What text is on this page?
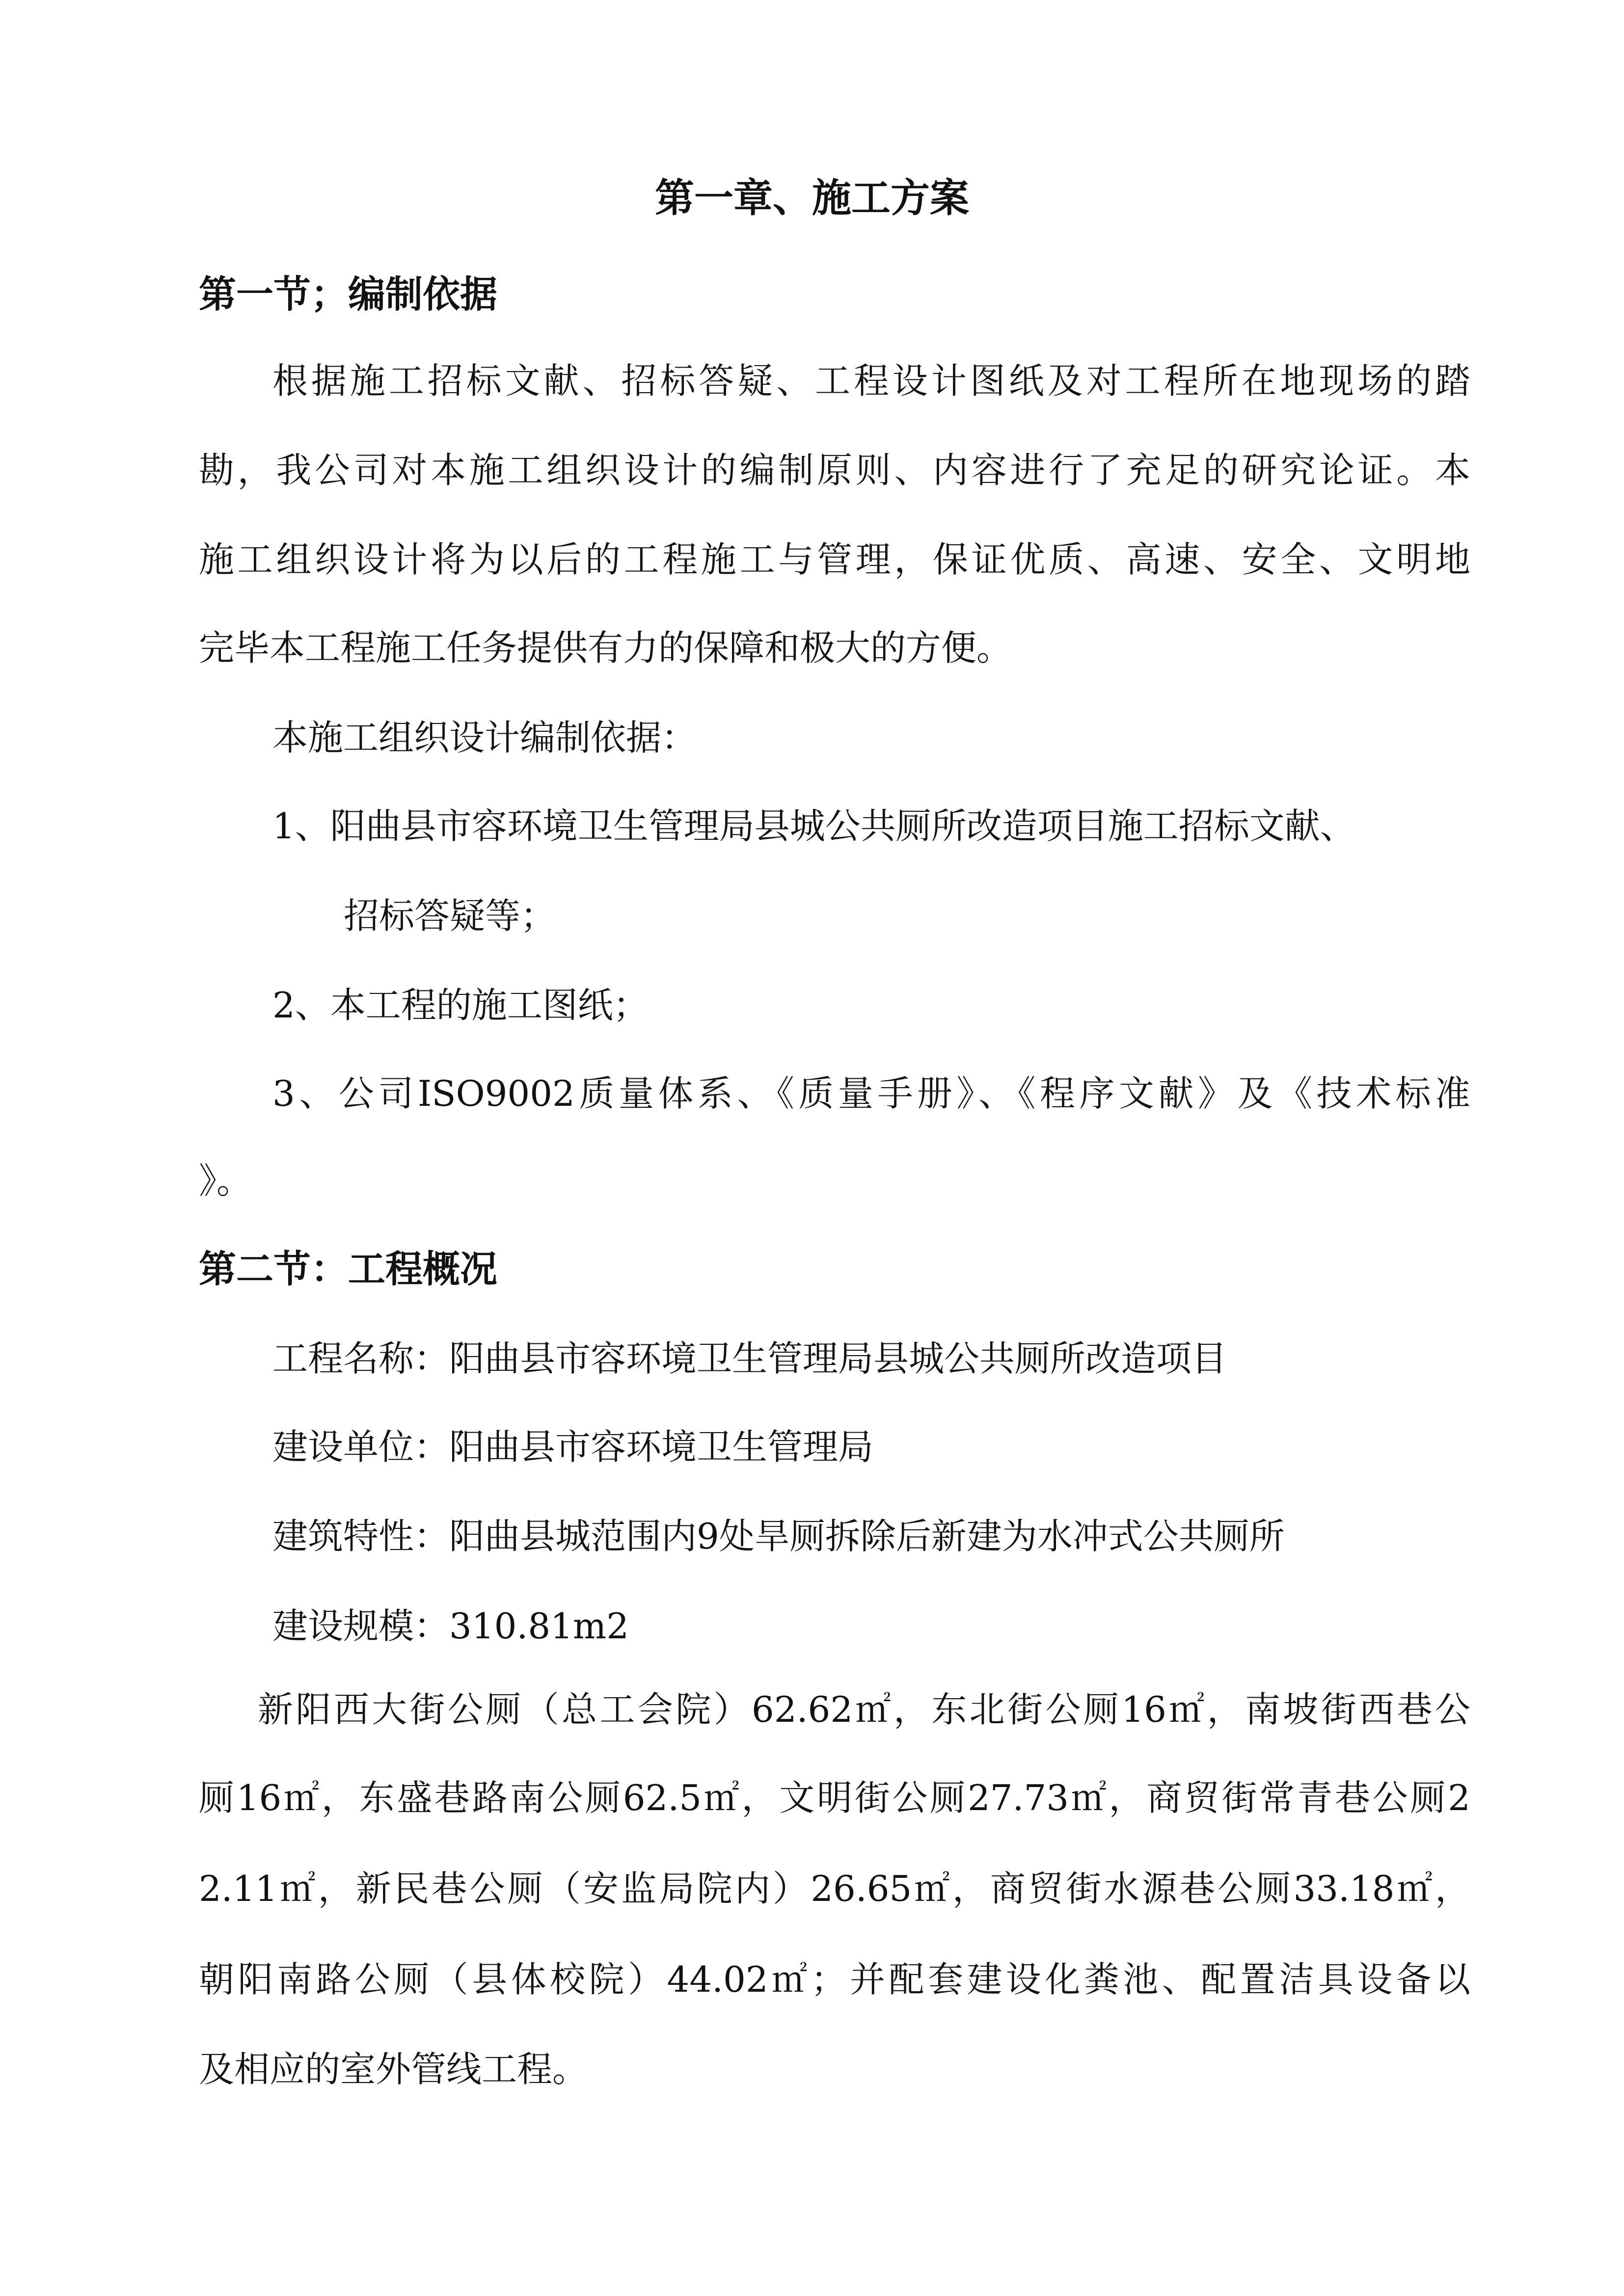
第一章、施工方案
第一节；编制依据
根据施工招标文献、招标答疑、工程设计图纸及对工程所在地现场的踏
勘，我公司对本施工组织设计的编制原则、内容进行了充足的研究论证。本
施工组织设计将为以后的工程施工与管理，保证优质、高速、安全、文明地
完毕本工程施工任务提供有力的保障和极大的方便。
本施工组织设计编制依据：
1、阳曲县市容环境卫生管理局县城公共厕所改造项目施工招标文献、
招标答疑等；
2、本工程的施工图纸；
3、公司ISO9002质量体系、《质量手册》、《程序文献》及《技术标准
》。
第二节：工程概况
工程名称：阳曲县市容环境卫生管理局县城公共厕所改造项目
建设单位：阳曲县市容环境卫生管理局
建筑特性：阳曲县城范围内9处旱厕拆除后新建为水冲式公共厕所
建设规模：310.81m2
新阳西大街公厕（总工会院）62.62㎡，东北街公厕16㎡，南坡街西巷公
厕16㎡，东盛巷路南公厕62.5㎡，文明街公厕27.73㎡，商贸街常青巷公厕2
2.11㎡，新民巷公厕（安监局院内）26.65㎡，商贸街水源巷公厕33.18㎡，
朝阳南路公厕（县体校院）44.02㎡；并配套建设化粪池、配置洁具设备以
及相应的室外管线工程。
